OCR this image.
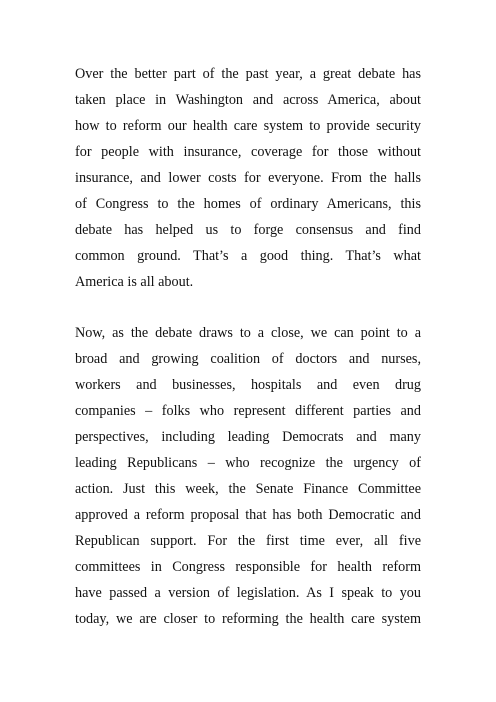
Over the better part of the past year, a great debate has
taken place in Washington and across America, about
how to reform our health care system to provide security
for people with insurance, coverage for those without
insurance, and lower costs for everyone. From the halls
of Congress to the homes of ordinary Americans, this
debate has helped us to forge consensus and find
common ground. That’s a good thing. That’s what
America is all about.
Now, as the debate draws to a close, we can point to a
broad and growing coalition of doctors and nurses,
workers and businesses, hospitals and even drug
companies – folks who represent different parties and
perspectives, including leading Democrats and many
leading Republicans – who recognize the urgency of
action. Just this week, the Senate Finance Committee
approved a reform proposal that has both Democratic and
Republican support. For the first time ever, all five
committees in Congress responsible for health reform
have passed a version of legislation. As I speak to you
today, we are closer to reforming the health care system
